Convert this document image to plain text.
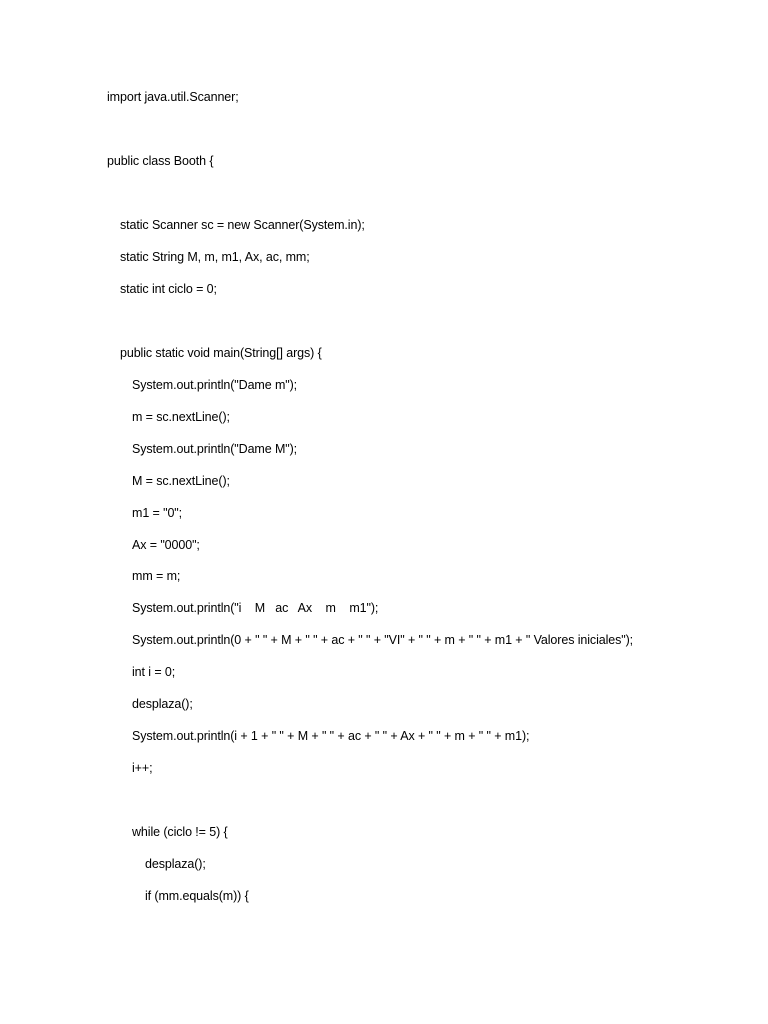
import java.util.Scanner;
public class Booth {
static Scanner sc = new Scanner(System.in);
static String M, m, m1, Ax, ac, mm;
static int ciclo = 0;
public static void main(String[] args) {
System.out.println("Dame m");
m = sc.nextLine();
System.out.println("Dame M");
M = sc.nextLine();
m1 = "0";
Ax = "0000";
mm = m;
System.out.println("i    M   ac   Ax    m    m1");
System.out.println(0 + " " + M + " " + ac + " " + "VI" + " " + m + " " + m1 + " Valores iniciales");
int i = 0;
desplaza();
System.out.println(i + 1 + " " + M + " " + ac + " " + Ax + " " + m + " " + m1);
i++;
while (ciclo != 5) {
desplaza();
if (mm.equals(m)) {
